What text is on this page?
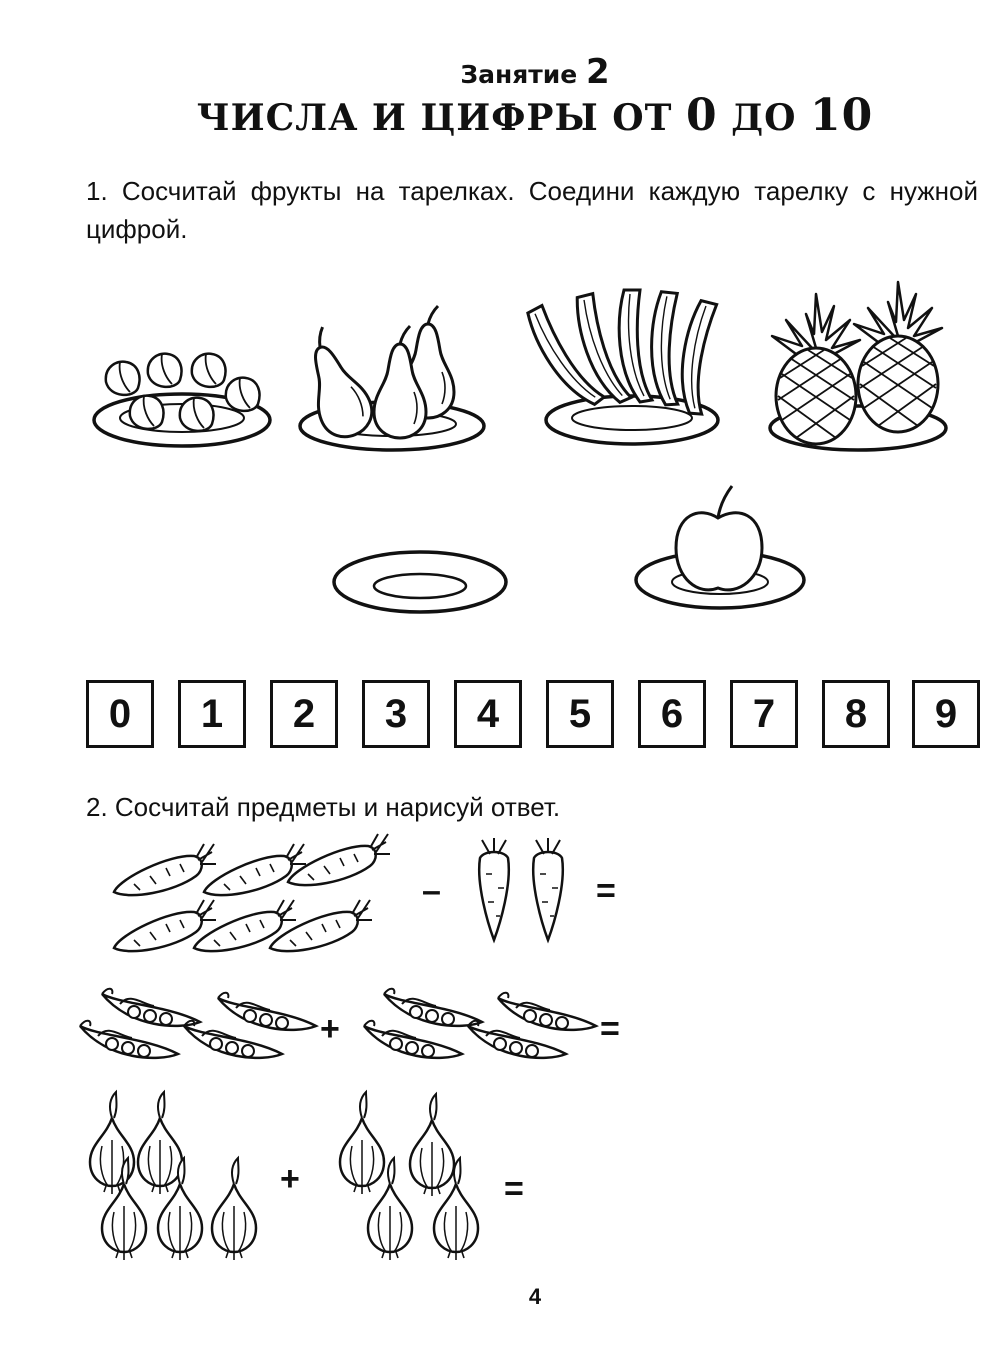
Занятие 2
ЧИСЛА И ЦИФРЫ ОТ 0 ДО 10
1. Сосчитай фрукты на тарелках. Соедини каждую тарелку с нужной цифрой.
0 1 2 3 4 5 6 7 8 9
2. Сосчитай предметы и нарисуй ответ.
–	=
+	=
+	=
4
